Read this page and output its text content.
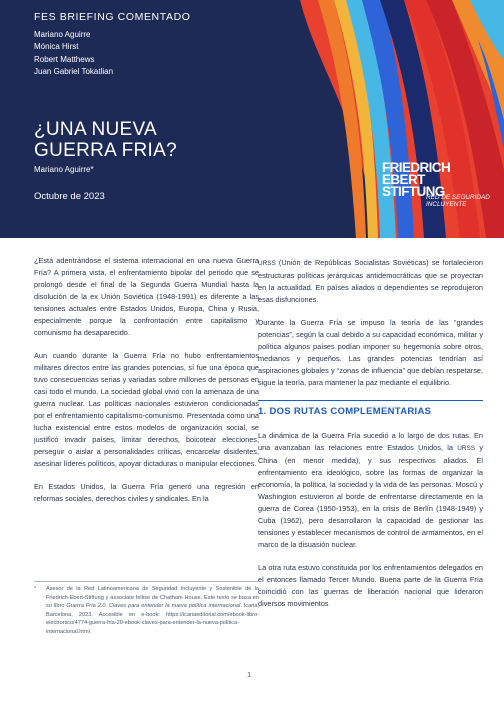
FES BRIEFING COMENTADO
Mariano Aguirre
Mónica Hirst
Robert Matthews
Juan Gabriel Tokatlian
¿UNA NUEVA
GUERRA FRIA?
Mariano Aguirre*
Octubre de 2023
FRIEDRICH
EBERT
STIFTUNG
RED DE SEGURIDAD
INCLUYENTE

¿Está adentrándose el sistema internacional en una nueva Guerra Fría? A primera vista, el enfrentamiento bipolar del periodo que se prolongó desde el final de la Segunda Guerra Mundial hasta la disolución de la ex Unión Soviética (1948-1991) es diferente a las tensiones actuales entre Estados Unidos, Europa, China y Rusia, especialmente porque la confrontación entre capitalismo y comunismo ha desaparecido.

Aun cuando durante la Guerra Fría no hubo enfrentamientos militares directos entre las grandes potencias, sí fue una época que tuvo consecuencias serias y variadas sobre millones de personas en casi todo el mundo. La sociedad global vivió con la amenaza de una guerra nuclear. Las políticas nacionales estuvieron condicionadas por el enfrentamiento capitalismo-comunismo. Presentada como una lucha existencial entre estos modelos de organización social, se justificó invadir países, limitar derechos, boicotear elecciones, perseguir o aislar a personalidades críticas, encarcelar disidentes, asesinar líderes políticos, apoyar dictaduras o manipular elecciones.

En Estados Unidos, la Guerra Fría generó una regresión en reformas sociales, derechos civiles y sindicales. En la

URSS (Unión de Repúblicas Socialistas Soviéticas) se fortalecieron estructuras políticas jerárquicas antidemocráticas que se proyectan en la actualidad. En países aliados o dependientes se reprodujeron esas disfunciones.

Durante la Guerra Fría se impuso la teoría de las “grandes potencias”, según la cual debido a su capacidad económica, militar y política algunos países podían imponer su hegemonía sobre otros, medianos y pequeños. Las grandes potencias tendrían así aspiraciones globales y “zonas de influencia” que debían respetarse, sigue la teoría, para mantener la paz mediante el equilibrio.

1. DOS RUTAS COMPLEMENTARIAS

La dinámica de la Guerra Fría sucedió a lo largo de dos rutas. En una avanzaban las relaciones entre Estados Unidos, la URSS y China (en menor medida), y sus respectivos aliados. El enfrentamiento era ideológico, sobre las formas de organizar la economía, la política, la sociedad y la vida de las personas. Moscú y Washington estuvieron al borde de enfrentarse directamente en la guerra de Corea (1950-1953), en la crisis de Berlín (1948-1949) y Cuba (1962), pero desarrollaron la capacidad de gestionar las tensiones y establecer mecanismos de control de armamentos, en el marco de la disuasión nuclear.

La otra ruta estuvo constituida por los enfrentamientos delegados en el entonces llamado Tercer Mundo. Buena parte de la Guerra Fría coincidió con las guerras de liberación nacional que lideraron diversos movimientos

*	Asesor de la Red Latinoamericana de Seguridad Incluyente y Sostenible de la Friedrich-Ebert-Stiftung y associate fellow de Chatham House. Este texto se basa en su libro Guerra Fría 2.0. Claves para entender la nueva política internacional. Icaria, Barcelona, 2023. Accesible en e-book: https://icariaeditorial.com/ebook-libro-electronico/4774-guerra-fria-20-ebook-claves-para-entender-la-nueva-politica-internacional.html
1
